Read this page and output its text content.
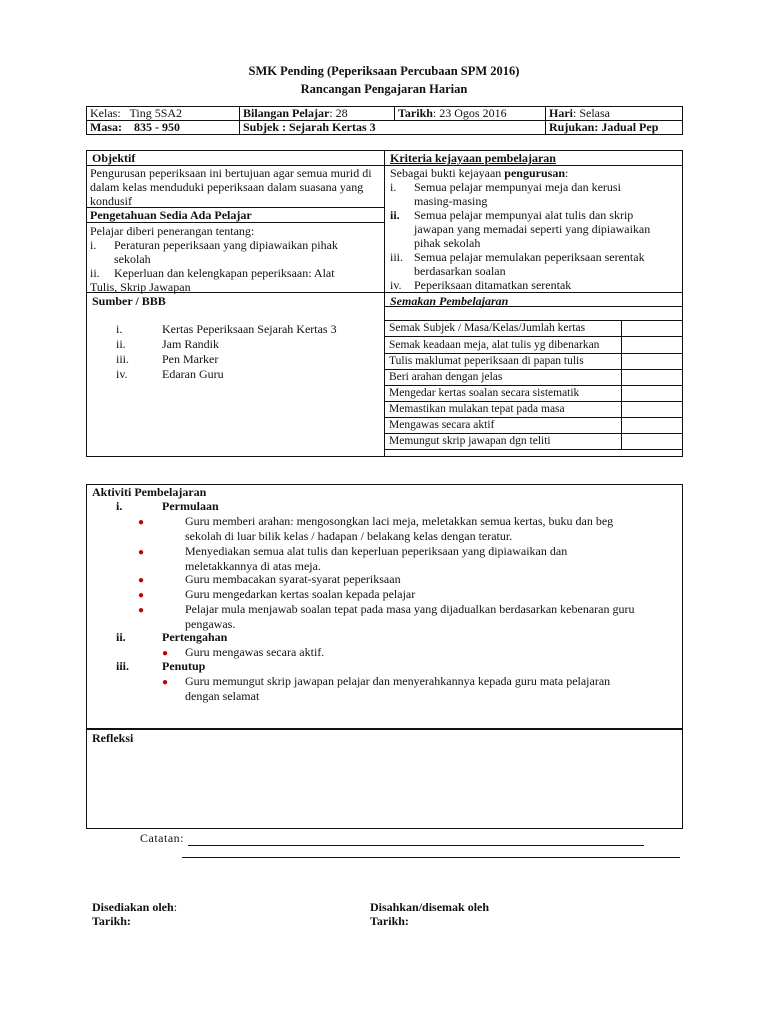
SMK Pending (Peperiksaan Percubaan SPM 2016)
Rancangan Pengajaran Harian
Kelas: Ting 5SA2	Bilangan Pelajar: 28	Tarikh: 23 Ogos 2016	Hari: Selasa
Masa: 835 - 950	Subjek : Sejarah Kertas 3		Rujukan: Jadual Pep
Objektif
Pengurusan peperiksaan ini bertujuan agar semua murid di dalam kelas menduduki peperiksaan dalam suasana yang kondusif
Pengetahuan Sedia Ada Pelajar
Pelajar diberi penerangan tentang:
i. Peraturan peperiksaan yang dipiawaikan pihak
sekolah
ii. Keperluan dan kelengkapan peperiksaan: Alat
Tulis, Skrip Jawapan
Kriteria kejayaan pembelajaran
Sebagai bukti kejayaan pengurusan:
i. Semua pelajar mempunyai meja dan kerusi
masing-masing
ii. Semua pelajar mempunyai alat tulis dan skrip
jawapan yang memadai seperti yang dipiawaikan
pihak sekolah
iii. Semua pelajar memulakan peperiksaan serentak
berdasarkan soalan
iv. Peperiksaan ditamatkan serentak
Sumber / BBB
i.	Kertas Peperiksaan Sejarah Kertas 3
ii.	Jam Randik
iii.	Pen Marker
iv.	Edaran Guru
Semakan Pembelajaran
Semak Subjek / Masa/Kelas/Jumlah kertas	
Semak keadaan meja, alat tulis yg dibenarkan	
Tulis maklumat peperiksaan di papan tulis	
Beri arahan dengan jelas	
Mengedar kertas soalan secara sistematik	
Memastikan mulakan tepat pada masa	
Mengawas secara aktif	
Memungut skrip jawapan dgn teliti	
Aktiviti Pembelajaran
i.	Permulaan
●	Guru memberi arahan: mengosongkan laci meja, meletakkan semua kertas, buku dan beg
sekolah di luar bilik kelas / hadapan / belakang kelas dengan teratur.
●	Menyediakan semua alat tulis dan keperluan peperiksaan yang dipiawaikan dan
meletakkannya di atas meja.
●	Guru membacakan syarat-syarat peperiksaan
●	Guru mengedarkan kertas soalan kepada pelajar
●	Pelajar mula menjawab soalan tepat pada masa yang dijadualkan berdasarkan kebenaran guru
pengawas.
ii.	Pertengahan
● Guru mengawas secara aktif.
iii.	Penutup
● Guru memungut skrip jawapan pelajar dan menyerahkannya kepada guru mata pelajaran
dengan selamat
Refleksi
Catatan:
Disediakan oleh:
Tarikh:
Disahkan/disemak oleh
Tarikh:
